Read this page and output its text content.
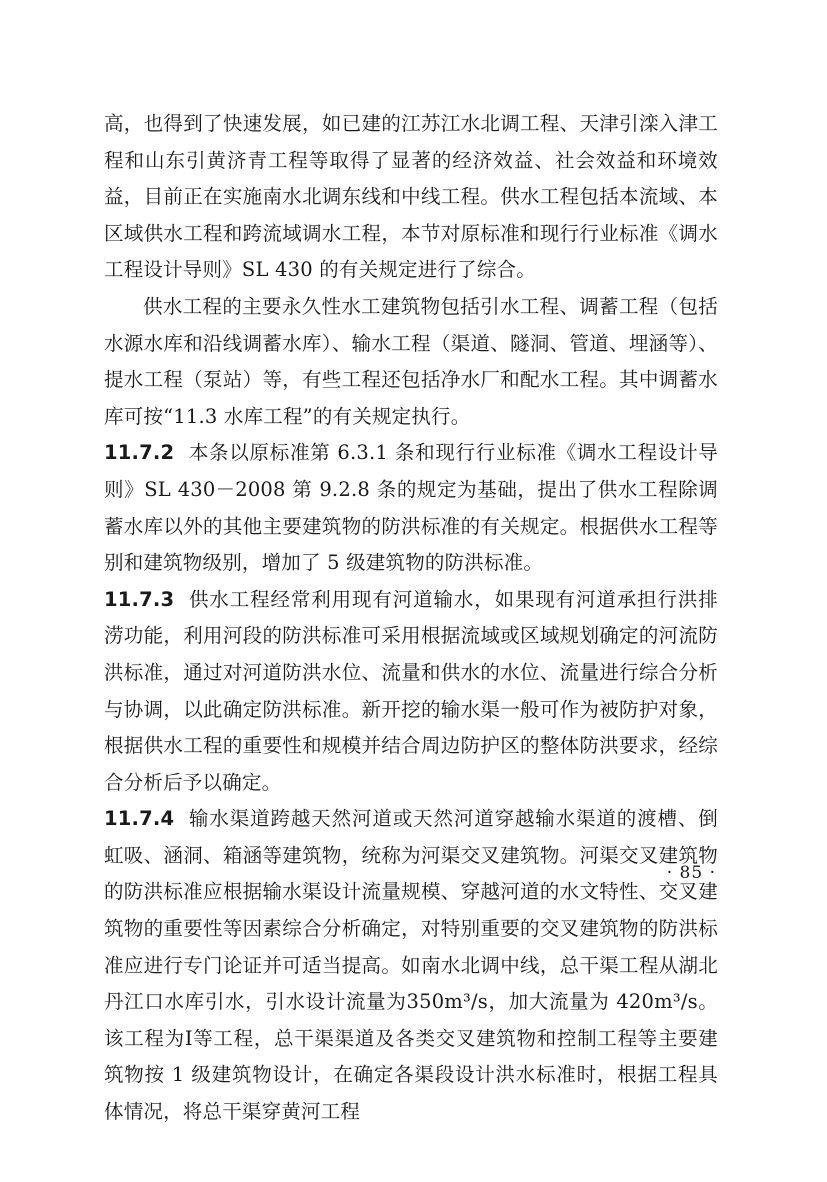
高，也得到了快速发展，如已建的江苏江水北调工程、天津引滦入津工程和山东引黄济青工程等取得了显著的经济效益、社会效益和环境效益，目前正在实施南水北调东线和中线工程。供水工程包括本流域、本区域供水工程和跨流域调水工程，本节对原标准和现行行业标准《调水工程设计导则》SL 430 的有关规定进行了综合。

供水工程的主要永久性水工建筑物包括引水工程、调蓄工程（包括水源水库和沿线调蓄水库）、输水工程（渠道、隧洞、管道、埋涵等）、提水工程（泵站）等，有些工程还包括净水厂和配水工程。其中调蓄水库可按“11.3 水库工程”的有关规定执行。

11.7.2 本条以原标准第 6.3.1 条和现行行业标准《调水工程设计导则》SL 430－2008 第 9.2.8 条的规定为基础，提出了供水工程除调蓄水库以外的其他主要建筑物的防洪标准的有关规定。根据供水工程等别和建筑物级别，增加了 5 级建筑物的防洪标准。

11.7.3 供水工程经常利用现有河道输水，如果现有河道承担行洪排涝功能，利用河段的防洪标准可采用根据流域或区域规划确定的河流防洪标准，通过对河道防洪水位、流量和供水的水位、流量进行综合分析与协调，以此确定防洪标准。新开挖的输水渠一般可作为被防护对象，根据供水工程的重要性和规模并结合周边防护区的整体防洪要求，经综合分析后予以确定。

11.7.4 输水渠道跨越天然河道或天然河道穿越输水渠道的渡槽、倒虹吸、涵洞、箱涵等建筑物，统称为河渠交叉建筑物。河渠交叉建筑物的防洪标准应根据输水渠设计流量规模、穿越河道的水文特性、交叉建筑物的重要性等因素综合分析确定，对特别重要的交叉建筑物的防洪标准应进行专门论证并可适当提高。如南水北调中线，总干渠工程从湖北丹江口水库引水，引水设计流量为350m³/s，加大流量为 420m³/s。该工程为Ⅰ等工程，总干渠渠道及各类交叉建筑物和控制工程等主要建筑物按 1 级建筑物设计，在确定各渠段设计洪水标准时，根据工程具体情况，将总干渠穿黄河工程

· 85 ·
